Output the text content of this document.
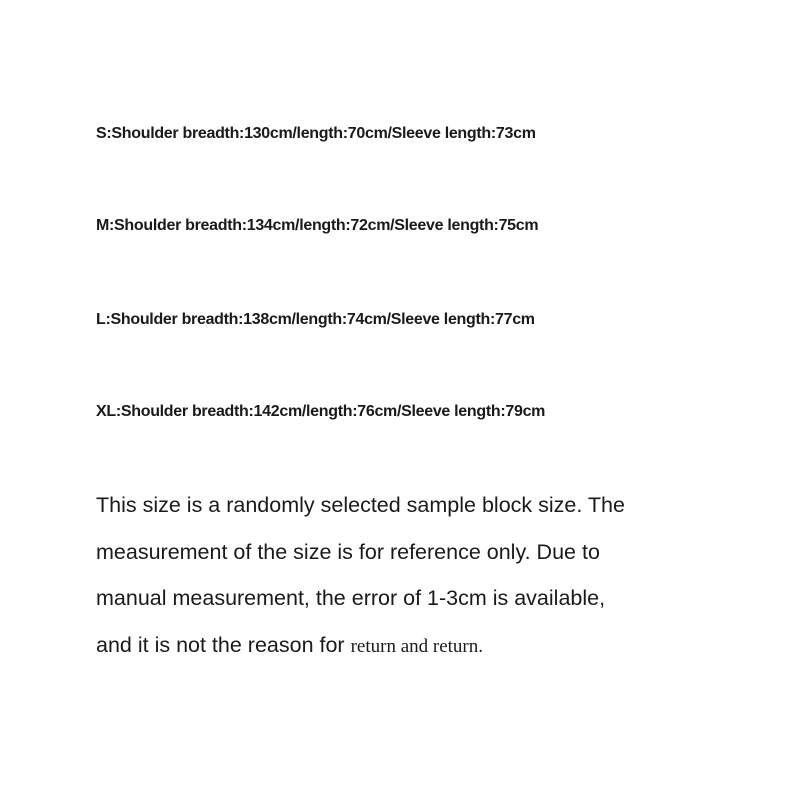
S:Shoulder breadth:130cm/length:70cm/Sleeve length:73cm
M:Shoulder breadth:134cm/length:72cm/Sleeve length:75cm
L:Shoulder breadth:138cm/length:74cm/Sleeve length:77cm
XL:Shoulder breadth:142cm/length:76cm/Sleeve length:79cm
This size is a randomly selected sample block size. The
measurement of the size is for reference only. Due to
manual measurement, the error of 1-3cm is available,
and it is not the reason for return and return.
